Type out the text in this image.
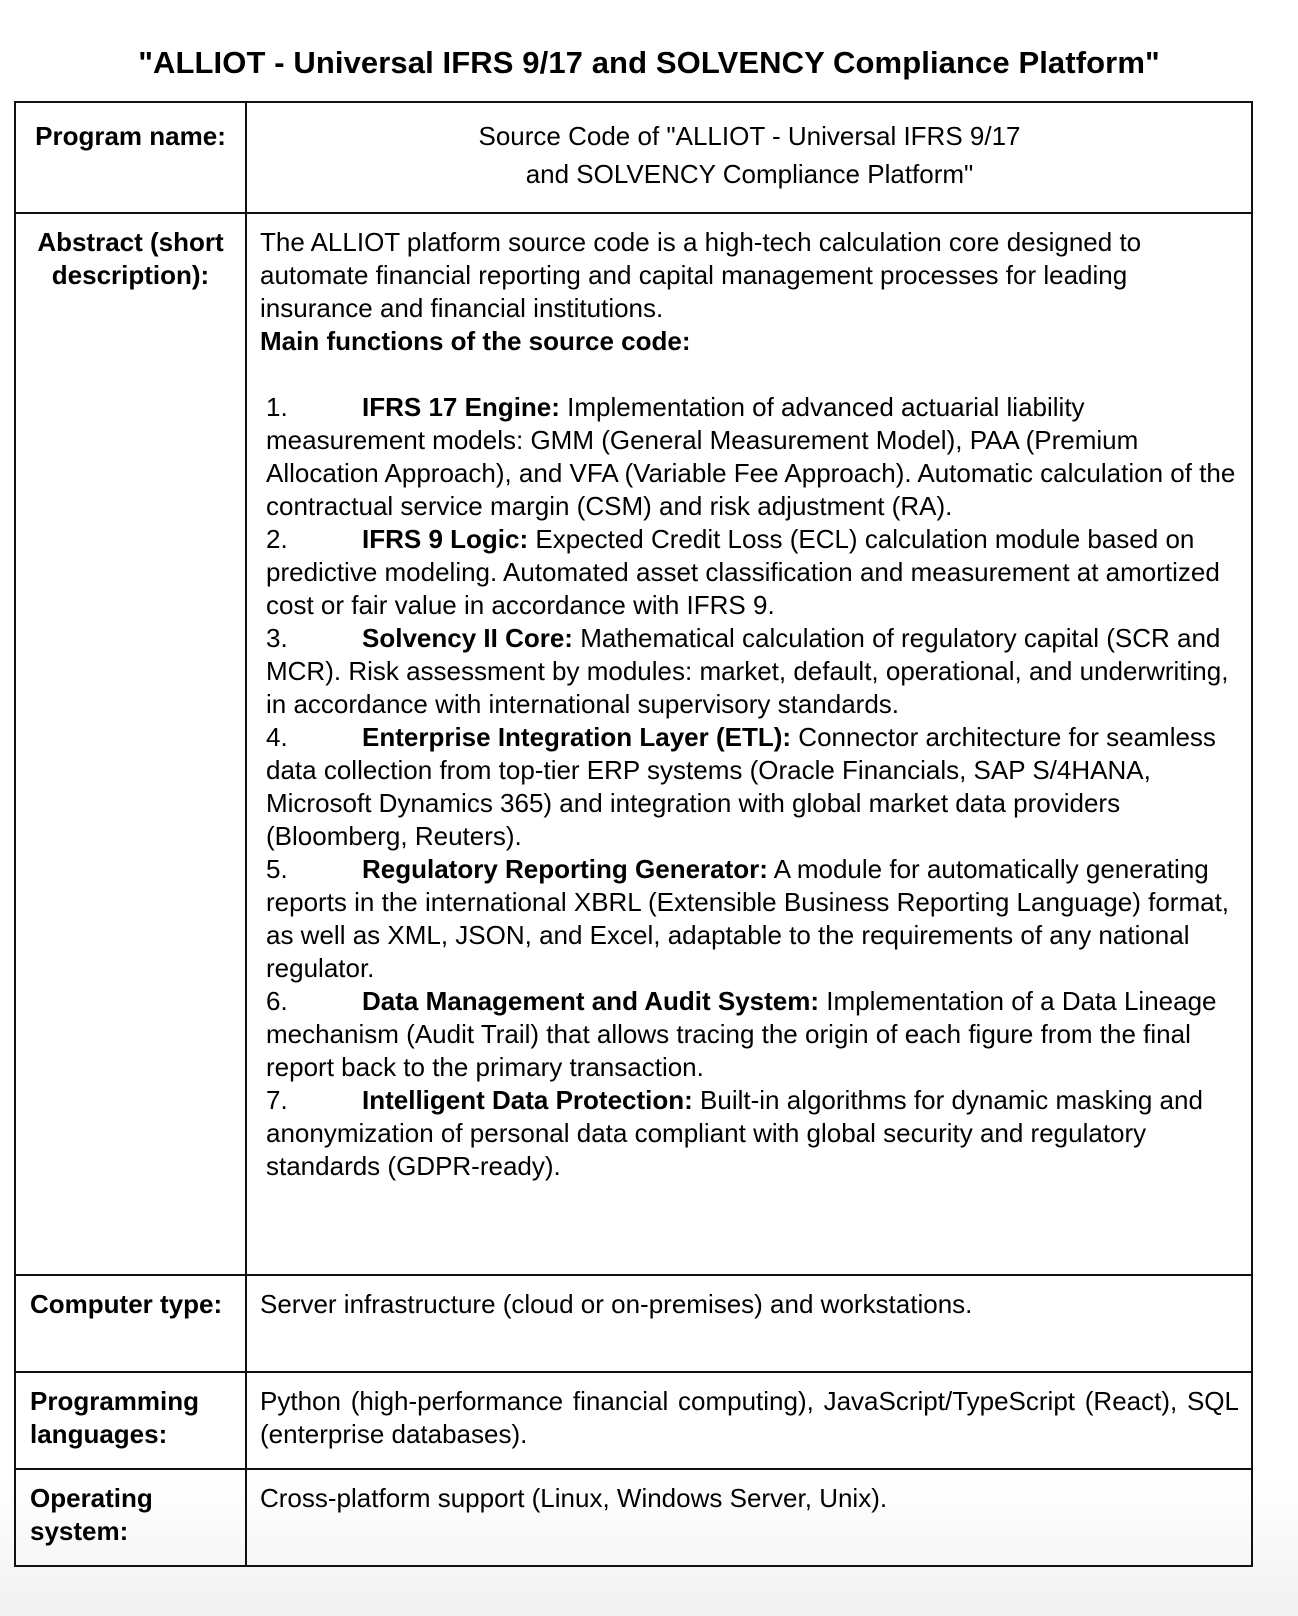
"ALLIOT - Universal IFRS 9/17 and SOLVENCY Compliance Platform"
Program name:	Source Code of "ALLIOT - Universal IFRS 9/17
and SOLVENCY Compliance Platform"

Abstract (short description):	
The ALLIOT platform source code is a high-tech calculation core designed to automate financial reporting and capital management processes for leading insurance and financial institutions.
Main functions of the source code:
1.	IFRS 17 Engine: Implementation of advanced actuarial liability measurement models: GMM (General Measurement Model), PAA (Premium Allocation Approach), and VFA (Variable Fee Approach). Automatic calculation of the contractual service margin (CSM) and risk adjustment (RA).
2.	IFRS 9 Logic: Expected Credit Loss (ECL) calculation module based on predictive modeling. Automated asset classification and measurement at amortized cost or fair value in accordance with IFRS 9.
3.	Solvency II Core: Mathematical calculation of regulatory capital (SCR and MCR). Risk assessment by modules: market, default, operational, and underwriting, in accordance with international supervisory standards.
4.	Enterprise Integration Layer (ETL): Connector architecture for seamless data collection from top-tier ERP systems (Oracle Financials, SAP S/4HANA, Microsoft Dynamics 365) and integration with global market data providers (Bloomberg, Reuters).
5.	Regulatory Reporting Generator: A module for automatically generating reports in the international XBRL (Extensible Business Reporting Language) format, as well as XML, JSON, and Excel, adaptable to the requirements of any national regulator.
6.	Data Management and Audit System: Implementation of a Data Lineage mechanism (Audit Trail) that allows tracing the origin of each figure from the final report back to the primary transaction.
7.	Intelligent Data Protection: Built-in algorithms for dynamic masking and anonymization of personal data compliant with global security and regulatory standards (GDPR-ready).

Computer type:	Server infrastructure (cloud or on-premises) and workstations.
Programming languages:	Python (high-performance financial computing), JavaScript/TypeScript (React), SQL (enterprise databases).
Operating system:	Cross-platform support (Linux, Windows Server, Unix).
